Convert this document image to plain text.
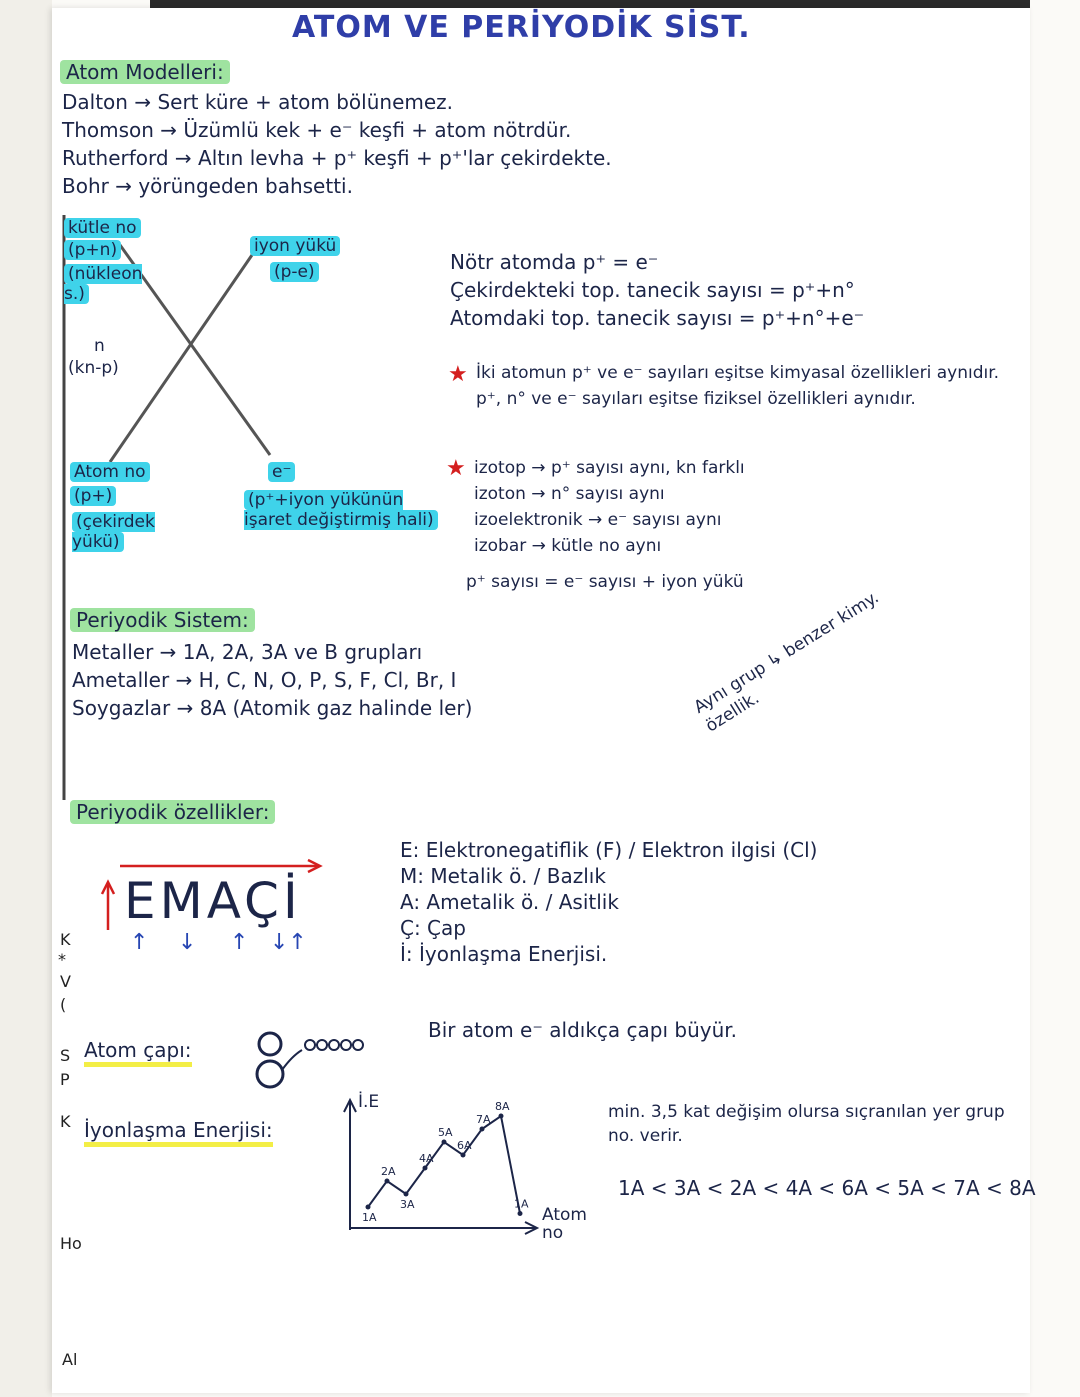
K
*
V
(
S
P
K
Ho
Al
ATOM VE PERİYODİK SİST.
Atom Modelleri:
Dalton → Sert küre + atom bölünemez.
Thomson → Üzümlü kek + e⁻ keşfi + atom nötrdür.
Rutherford → Altın levha + p⁺ keşfi + p⁺'lar çekirdekte.
Bohr → yörüngeden bahsetti.
kütle no
(p+n)
(nükleon s.)
n
(kn-p)
iyon yükü
(p-e)
Atom no
(p+)
(çekirdek yükü)
e⁻
(p⁺+iyon yükünün işaret değiştirmiş hali)
Nötr atomda p⁺ = e⁻
Çekirdekteki top. tanecik sayısı = p⁺+n°
Atomdaki top. tanecik sayısı = p⁺+n°+e⁻
★ İki atomun p⁺ ve e⁻ sayıları eşitse kimyasal özellikleri aynıdır. p⁺, n° ve e⁻ sayıları eşitse fiziksel özellikleri aynıdır.
★ izotop → p⁺ sayısı aynı, kn farklı
izoton → n° sayısı aynı
izoelektronik → e⁻ sayısı aynı
izobar → kütle no aynı
p⁺ sayısı = e⁻ sayısı + iyon yükü
Periyodik Sistem:
Metaller → 1A, 2A, 3A ve B grupları
Ametaller → H, C, N, O, P, S, F, Cl, Br, I
Soygazlar → 8A (Atomik gaz halinde ler)	Aynı grup ↳ benzer kimy. özellik.
Periyodik özellikler:
EMAÇİ
↑ ↓ ↑ ↓↑
E: Elektronegatiflik (F) / Elektron ilgisi (Cl)
M: Metalik ö. / Bazlık
A: Ametalik ö. / Asitlik
Ç: Çap
İ: İyonlaşma Enerjisi.
Atom çapı:
Bir atom e⁻ aldıkça çapı büyür.
İyonlaşma Enerjisi:
1A
2A
3A
4A
5A
6A
7A
8A
1A
İ.E
Atom no
min. 3,5 kat değişim olursa sıçranılan yer grup no. verir.
1A < 3A < 2A < 4A < 6A < 5A < 7A < 8A
